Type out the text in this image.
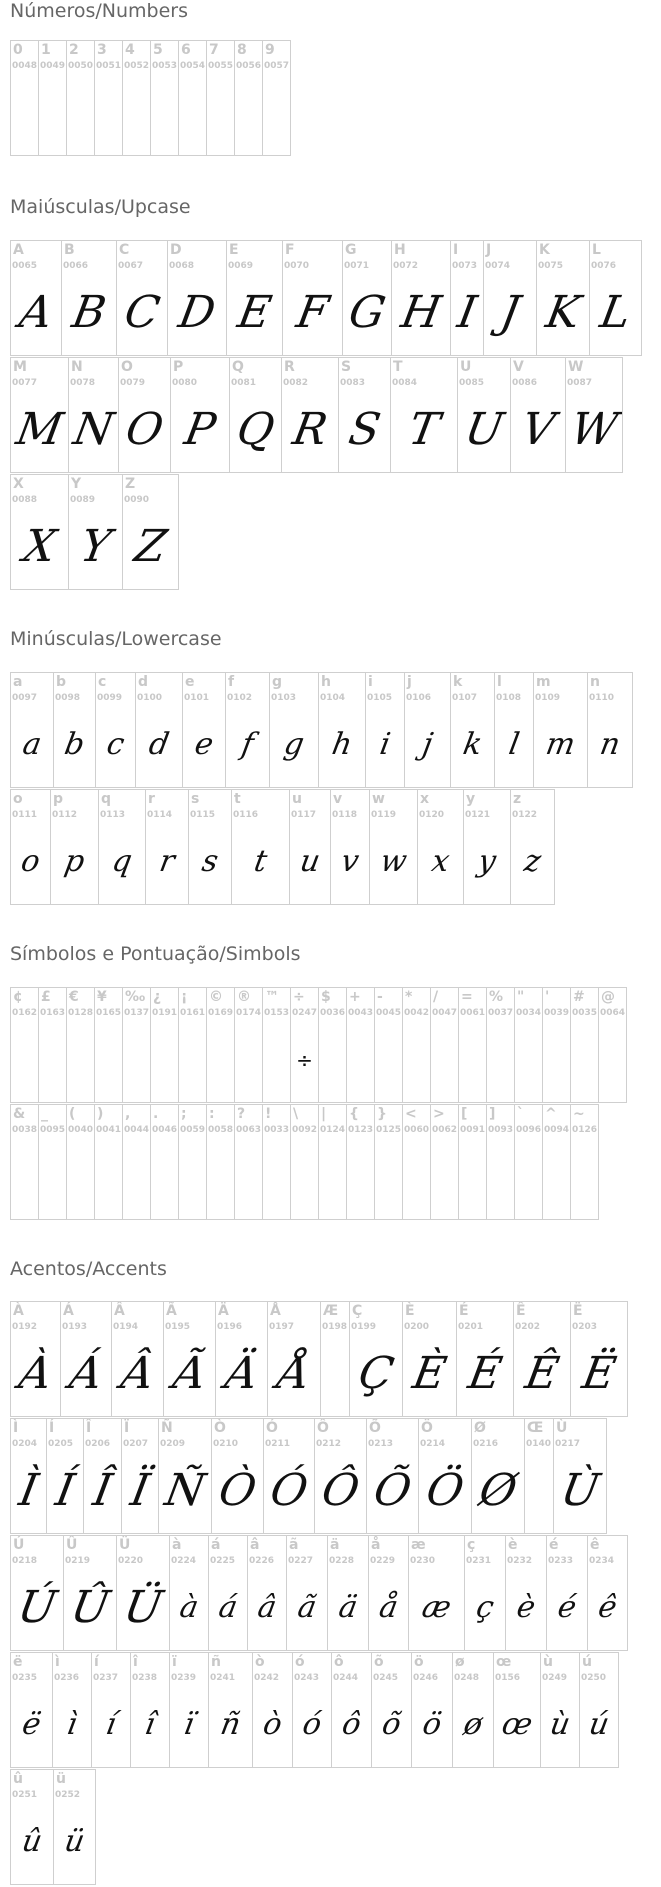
Números/Numbers
0
0048
1
0049
2
0050
3
0051
4
0052
5
0053
6
0054
7
0055
8
0056
9
0057
Maiúsculas/Upcase
A
0065
A
B
0066
B
C
0067
C
D
0068
D
E
0069
E
F
0070
F
G
0071
G
H
0072
H
I
0073
I
J
0074
J
K
0075
K
L
0076
L
M
0077
M
N
0078
N
O
0079
O
P
0080
P
Q
0081
Q
R
0082
R
S
0083
S
T
0084
T
U
0085
U
V
0086
V
W
0087
W
X
0088
X
Y
0089
Y
Z
0090
Z
Minúsculas/Lowercase
a
0097
a
b
0098
b
c
0099
c
d
0100
d
e
0101
e
f
0102
f
g
0103
g
h
0104
h
i
0105
i
j
0106
j
k
0107
k
l
0108
l
m
0109
m
n
0110
n
o
0111
o
p
0112
p
q
0113
q
r
0114
r
s
0115
s
t
0116
t
u
0117
u
v
0118
v
w
0119
w
x
0120
x
y
0121
y
z
0122
z
Símbolos e Pontuação/Simbols
¢
0162
£
0163
€
0128
¥
0165
‰
0137
¿
0191
¡
0161
©
0169
®
0174
™
0153
÷
0247
÷
$
0036
+
0043
-
0045
*
0042
/
0047
=
0061
%
0037
"
0034
'
0039
#
0035
@
0064
&
0038
_
0095
(
0040
)
0041
,
0044
.
0046
;
0059
:
0058
?
0063
!
0033
\
0092
|
0124
{
0123
}
0125
<
0060
>
0062
[
0091
]
0093
`
0096
^
0094
~
0126
Acentos/Accents
À
0192
À
Á
0193
Á
Â
0194
Â
Ã
0195
Ã
Ä
0196
Ä
Å
0197
Å
Æ
0198
Ç
0199
Ç
È
0200
È
É
0201
É
Ê
0202
Ê
Ë
0203
Ë
Ì
0204
Ì
Í
0205
Í
Î
0206
Î
Ï
0207
Ï
Ñ
0209
Ñ
Ò
0210
Ò
Ó
0211
Ó
Ô
0212
Ô
Õ
0213
Õ
Ö
0214
Ö
Ø
0216
Ø
Œ
0140
Ù
0217
Ù
Ú
0218
Ú
Û
0219
Û
Ü
0220
Ü
à
0224
à
á
0225
á
â
0226
â
ã
0227
ã
ä
0228
ä
å
0229
å
æ
0230
æ
ç
0231
ç
è
0232
è
é
0233
é
ê
0234
ê
ë
0235
ë
ì
0236
ì
í
0237
í
î
0238
î
ï
0239
ï
ñ
0241
ñ
ò
0242
ò
ó
0243
ó
ô
0244
ô
õ
0245
õ
ö
0246
ö
ø
0248
ø
œ
0156
œ
ù
0249
ù
ú
0250
ú
û
0251
û
ü
0252
ü
